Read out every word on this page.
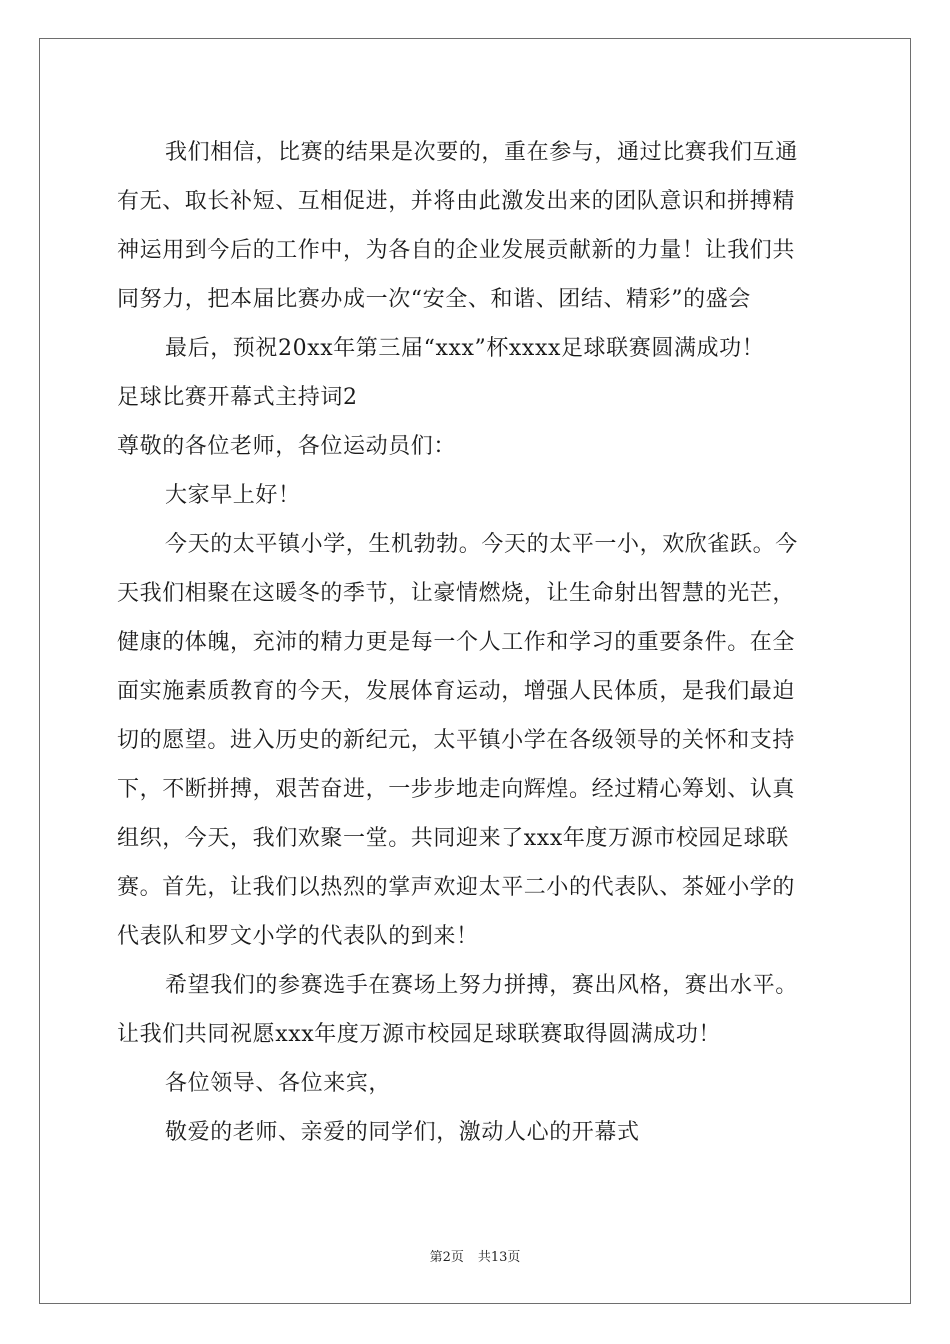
我们相信，比赛的结果是次要的，重在参与，通过比赛我们互通
有无、取长补短、互相促进，并将由此激发出来的团队意识和拼搏精
神运用到今后的工作中，为各自的企业发展贡献新的力量！让我们共
同努力，把本届比赛办成一次“安全、和谐、团结、精彩”的盛会
最后，预祝20xx年第三届“xxx”杯xxxx足球联赛圆满成功！
足球比赛开幕式主持词2
尊敬的各位老师，各位运动员们：
大家早上好！
今天的太平镇小学，生机勃勃。今天的太平一小，欢欣雀跃。今
天我们相聚在这暖冬的季节，让豪情燃烧，让生命射出智慧的光芒，
健康的体魄，充沛的精力更是每一个人工作和学习的重要条件。在全
面实施素质教育的今天，发展体育运动，增强人民体质，是我们最迫
切的愿望。进入历史的新纪元，太平镇小学在各级领导的关怀和支持
下，不断拼搏，艰苦奋进，一步步地走向辉煌。经过精心筹划、认真
组织，今天，我们欢聚一堂。共同迎来了xxx年度万源市校园足球联
赛。首先，让我们以热烈的掌声欢迎太平二小的代表队、茶娅小学的
代表队和罗文小学的代表队的到来！
希望我们的参赛选手在赛场上努力拼搏，赛出风格，赛出水平。
让我们共同祝愿xxx年度万源市校园足球联赛取得圆满成功！
各位领导、各位来宾，
敬爱的老师、亲爱的同学们，激动人心的开幕式
第2页 共13页
